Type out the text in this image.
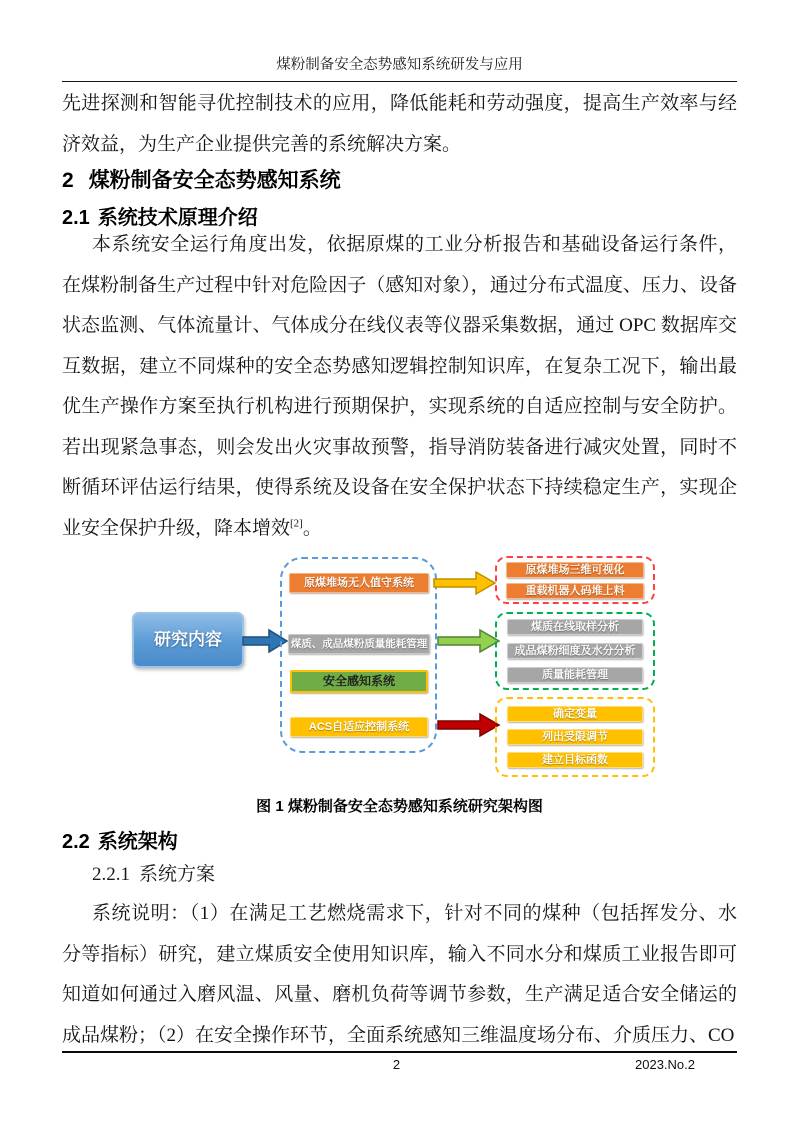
煤粉制备安全态势感知系统研发与应用

先进探测和智能寻优控制技术的应用，降低能耗和劳动强度，提高生产效率与经济效益，为生产企业提供完善的系统解决方案。

2 煤粉制备安全态势感知系统
2.1 系统技术原理介绍

本系统安全运行角度出发，依据原煤的工业分析报告和基础设备运行条件，在煤粉制备生产过程中针对危险因子（感知对象），通过分布式温度、压力、设备状态监测、气体流量计、气体成分在线仪表等仪器采集数据，通过 OPC 数据库交互数据，建立不同煤种的安全态势感知逻辑控制知识库，在复杂工况下，输出最优生产操作方案至执行机构进行预期保护，实现系统的自适应控制与安全防护。若出现紧急事态，则会发出火灾事故预警，指导消防装备进行减灾处置，同时不断循环评估运行结果，使得系统及设备在安全保护状态下持续稳定生产，实现企业安全保护升级，降本增效[2]。

研究内容
原煤堆场无人值守系统
煤质、成品煤粉质量能耗管理
安全感知系统
ACS自适应控制系统
原煤堆场三维可视化
重载机器人码堆上料
煤质在线取样分析
成品煤粉细度及水分分析
质量能耗管理
确定变量
列出受限调节
建立目标函数

图 1 煤粉制备安全态势感知系统研究架构图

2.2 系统架构
2.2.1 系统方案

系统说明：（1）在满足工艺燃烧需求下，针对不同的煤种（包括挥发分、水分等指标）研究，建立煤质安全使用知识库，输入不同水分和煤质工业报告即可知道如何通过入磨风温、风量、磨机负荷等调节参数，生产满足适合安全储运的成品煤粉；（2）在安全操作环节，全面系统感知三维温度场分布、介质压力、CO

2	2023.No.2
